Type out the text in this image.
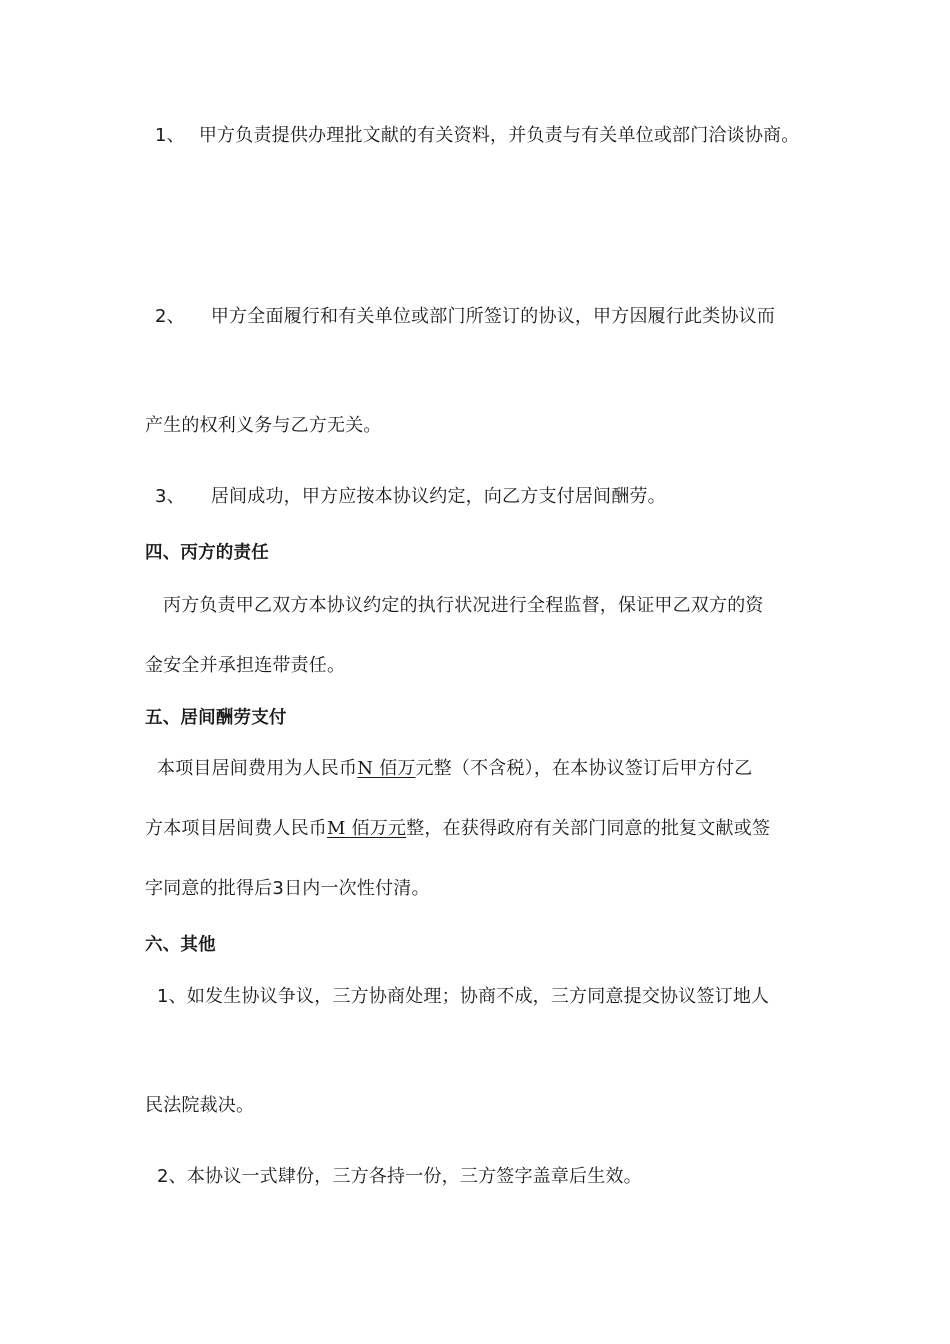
1、 甲方负责提供办理批文献的有关资料，并负责与有关单位或部门洽谈协商。
2、 甲方全面履行和有关单位或部门所签订的协议，甲方因履行此类协议而
产生的权利义务与乙方无关。
3、 居间成功，甲方应按本协议约定，向乙方支付居间酬劳。
四、丙方的责任
丙方负责甲乙双方本协议约定的执行状况进行全程监督，保证甲乙双方的资
金安全并承担连带责任。
五、居间酬劳支付
本项目居间费用为人民币N 佰万元整（不含税），在本协议签订后甲方付乙
方本项目居间费人民币M 佰万元整，在获得政府有关部门同意的批复文献或签
字同意的批得后3日内一次性付清。
六、其他
1、如发生协议争议，三方协商处理；协商不成，三方同意提交协议签订地人
民法院裁决。
2、本协议一式肆份，三方各持一份，三方签字盖章后生效。
